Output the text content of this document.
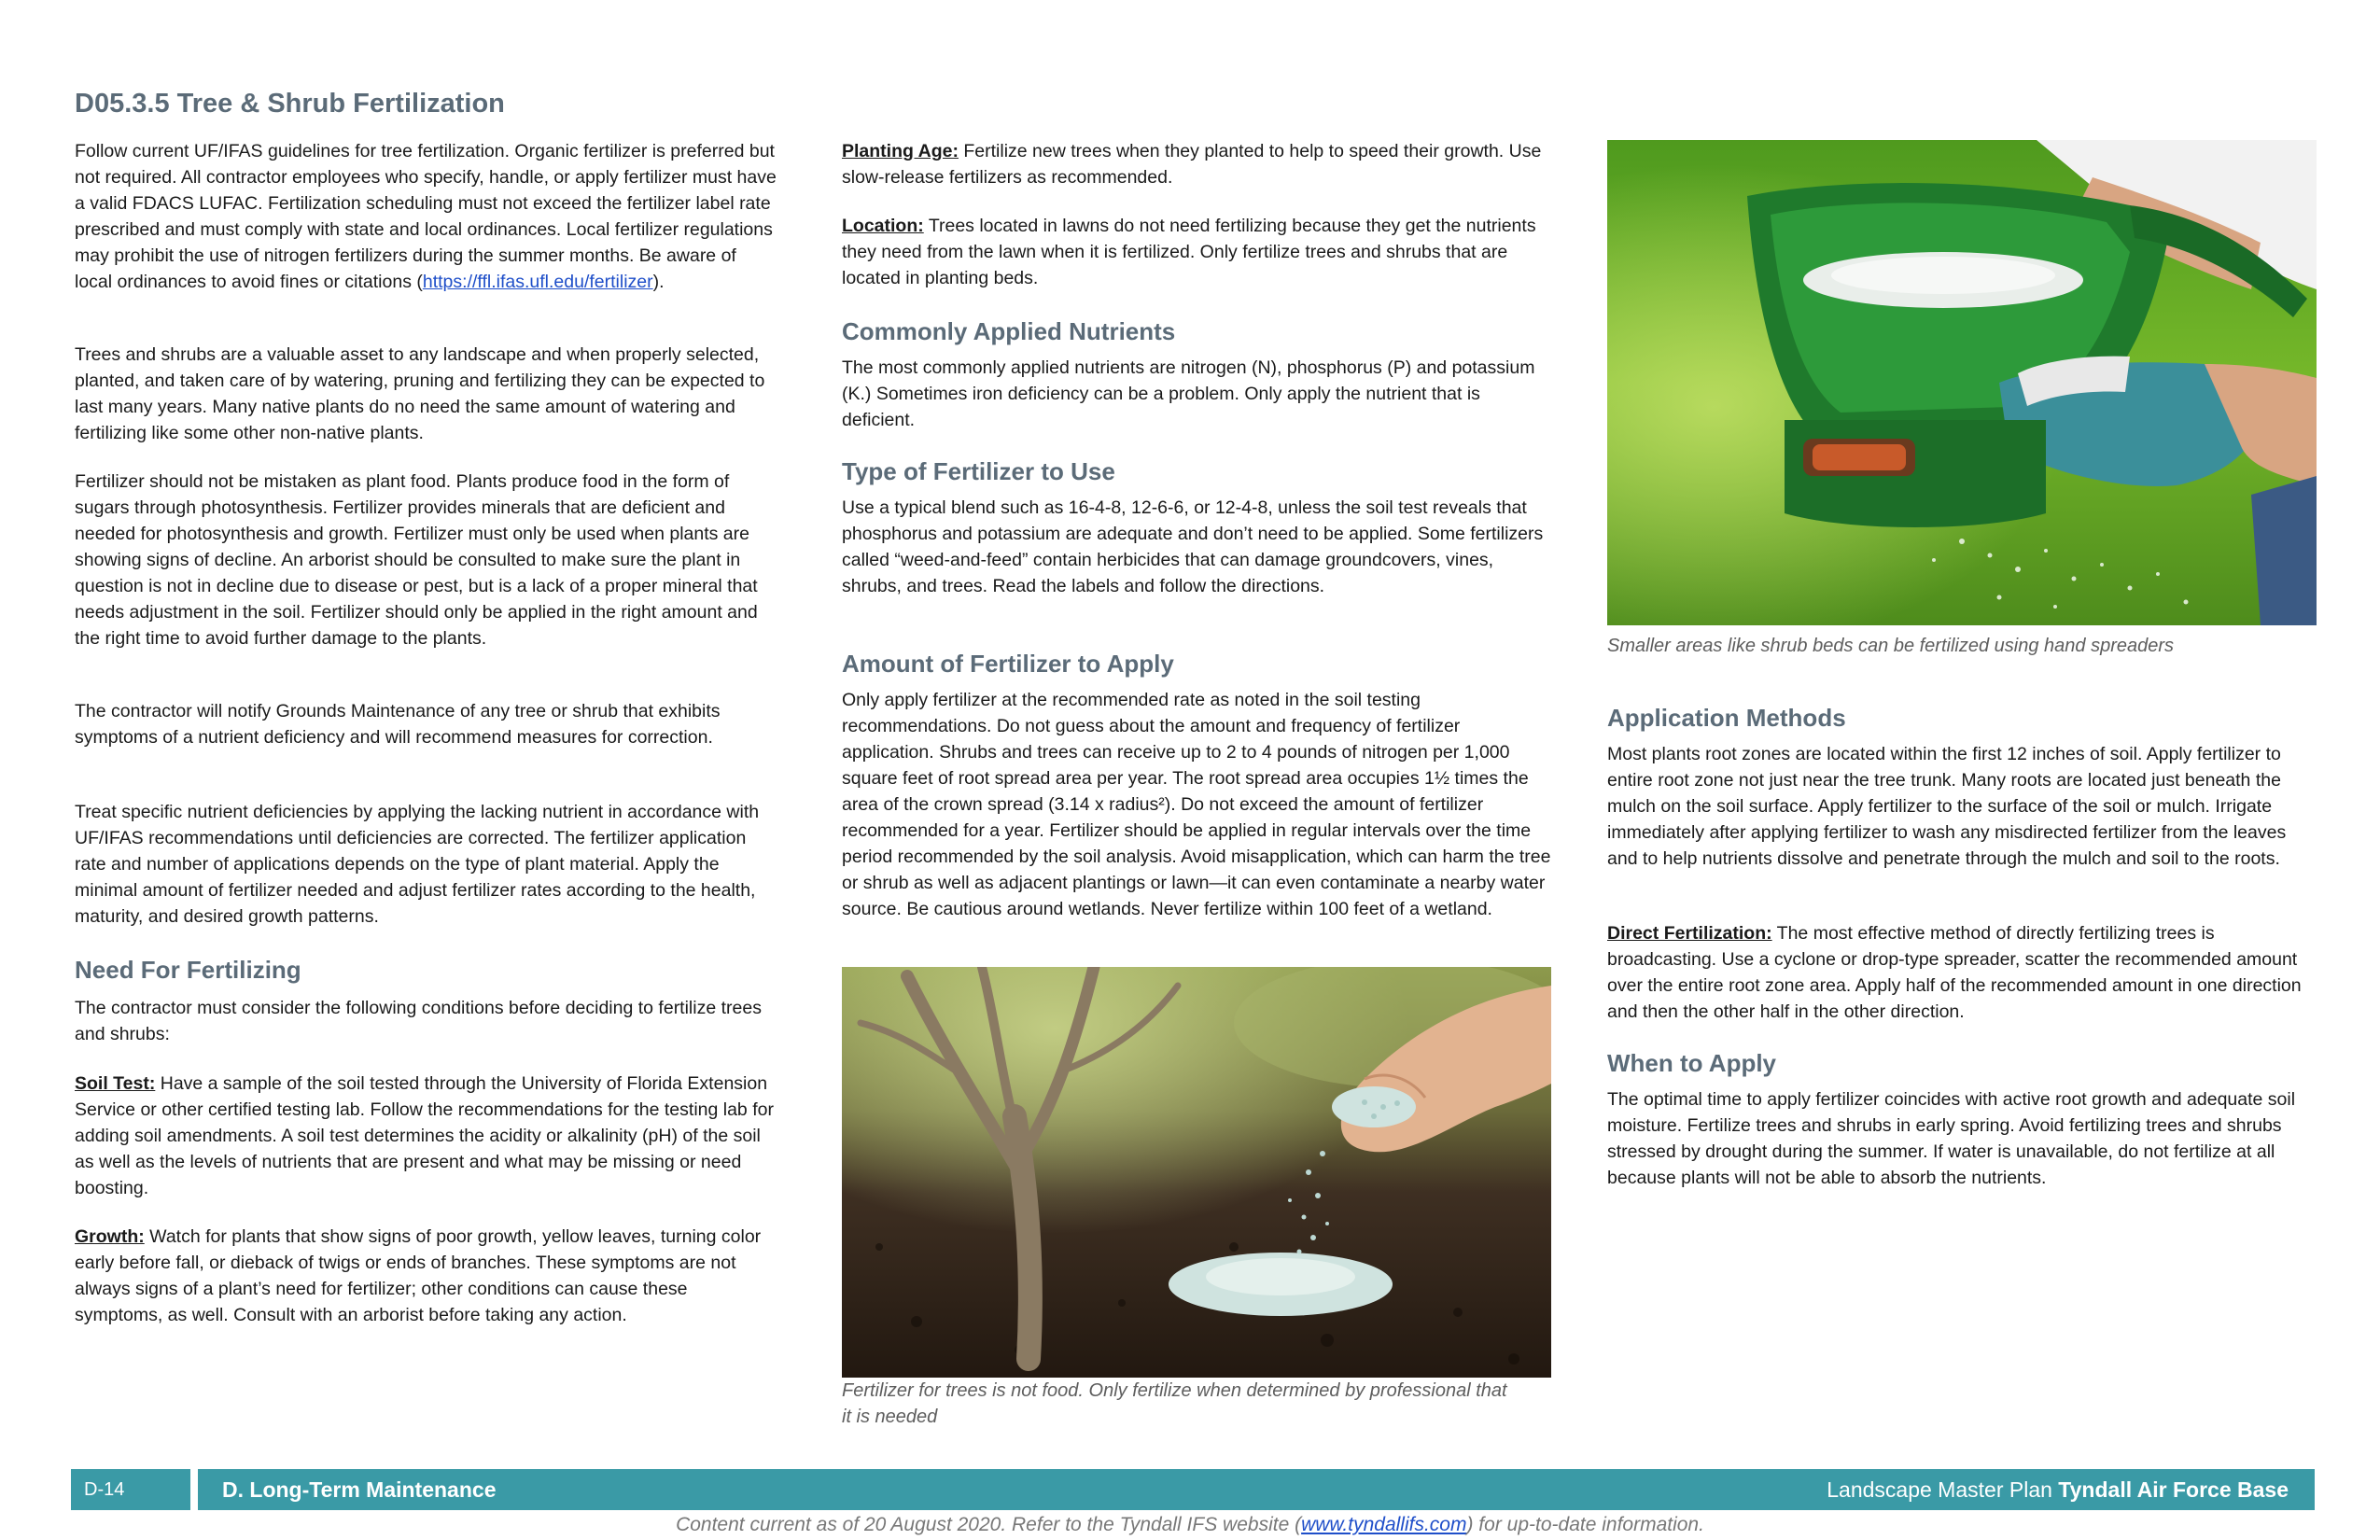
D05.3.5 Tree & Shrub Fertilization

Follow current UF/IFAS guidelines for tree fertilization. Organic fertilizer is preferred but not required. All contractor employees who specify, handle, or apply fertilizer must have a valid FDACS LUFAC. Fertilization scheduling must not exceed the fertilizer label rate prescribed and must comply with state and local ordinances. Local fertilizer regulations may prohibit the use of nitrogen fertilizers during the summer months. Be aware of local ordinances to avoid fines or citations (https://ffl.ifas.ufl.edu/fertilizer).

Trees and shrubs are a valuable asset to any landscape and when properly selected, planted, and taken care of by watering, pruning and fertilizing they can be expected to last many years. Many native plants do no need the same amount of watering and fertilizing like some other non-native plants.

Fertilizer should not be mistaken as plant food. Plants produce food in the form of sugars through photosynthesis. Fertilizer provides minerals that are deficient and needed for photosynthesis and growth. Fertilizer must only be used when plants are showing signs of decline. An arborist should be consulted to make sure the plant in question is not in decline due to disease or pest, but is a lack of a proper mineral that needs adjustment in the soil. Fertilizer should only be applied in the right amount and the right time to avoid further damage to the plants.

The contractor will notify Grounds Maintenance of any tree or shrub that exhibits symptoms of a nutrient deficiency and will recommend measures for correction.

Treat specific nutrient deficiencies by applying the lacking nutrient in accordance with UF/IFAS recommendations until deficiencies are corrected. The fertilizer application rate and number of applications depends on the type of plant material. Apply the minimal amount of fertilizer needed and adjust fertilizer rates according to the health, maturity, and desired growth patterns.

Need For Fertilizing

The contractor must consider the following conditions before deciding to fertilize trees and shrubs:

Soil Test: Have a sample of the soil tested through the University of Florida Extension Service or other certified testing lab. Follow the recommendations for the testing lab for adding soil amendments. A soil test determines the acidity or alkalinity (pH) of the soil as well as the levels of nutrients that are present and what may be missing or need boosting.

Growth: Watch for plants that show signs of poor growth, yellow leaves, turning color early before fall, or dieback of twigs or ends of branches. These symptoms are not always signs of a plant’s need for fertilizer; other conditions can cause these symptoms, as well. Consult with an arborist before taking any action.

Planting Age: Fertilize new trees when they planted to help to speed their growth. Use slow-release fertilizers as recommended.

Location: Trees located in lawns do not need fertilizing because they get the nutrients they need from the lawn when it is fertilized. Only fertilize trees and shrubs that are located in planting beds.

Commonly Applied Nutrients

The most commonly applied nutrients are nitrogen (N), phosphorus (P) and potassium (K.) Sometimes iron deficiency can be a problem. Only apply the nutrient that is deficient.

Type of Fertilizer to Use

Use a typical blend such as 16-4-8, 12-6-6, or 12-4-8, unless the soil test reveals that phosphorus and potassium are adequate and don’t need to be applied. Some fertilizers called “weed-and-feed” contain herbicides that can damage groundcovers, vines, shrubs, and trees. Read the labels and follow the directions.

Amount of Fertilizer to Apply

Only apply fertilizer at the recommended rate as noted in the soil testing recommendations. Do not guess about the amount and frequency of fertilizer application. Shrubs and trees can receive up to 2 to 4 pounds of nitrogen per 1,000 square feet of root spread area per year. The root spread area occupies 1½ times the area of the crown spread (3.14 x radius²). Do not exceed the amount of fertilizer recommended for a year. Fertilizer should be applied in regular intervals over the time period recommended by the soil analysis. Avoid misapplication, which can harm the tree or shrub as well as adjacent plantings or lawn—it can even contaminate a nearby water source. Be cautious around wetlands. Never fertilize within 100 feet of a wetland.

Fertilizer for trees is not food. Only fertilize when determined by professional that it is needed
Smaller areas like shrub beds can be fertilized using hand spreaders
Application Methods

Most plants root zones are located within the first 12 inches of soil. Apply fertilizer to entire root zone not just near the tree trunk. Many roots are located just beneath the mulch on the soil surface. Apply fertilizer to the surface of the soil or mulch. Irrigate immediately after applying fertilizer to wash any misdirected fertilizer from the leaves and to help nutrients dissolve and penetrate through the mulch and soil to the roots.

Direct Fertilization: The most effective method of directly fertilizing trees is broadcasting. Use a cyclone or drop-type spreader, scatter the recommended amount over the entire root zone area. Apply half of the recommended amount in one direction and then the other half in the other direction.

When to Apply

The optimal time to apply fertilizer coincides with active root growth and adequate soil moisture. Fertilize trees and shrubs in early spring. Avoid fertilizing trees and shrubs stressed by drought during the summer. If water is unavailable, do not fertilize at all because plants will not be able to absorb the nutrients.

D-14	D. Long-Term Maintenance	Landscape Master Plan Tyndall Air Force Base
Content current as of 20 August 2020. Refer to the Tyndall IFS website (www.tyndallifs.com) for up-to-date information.
